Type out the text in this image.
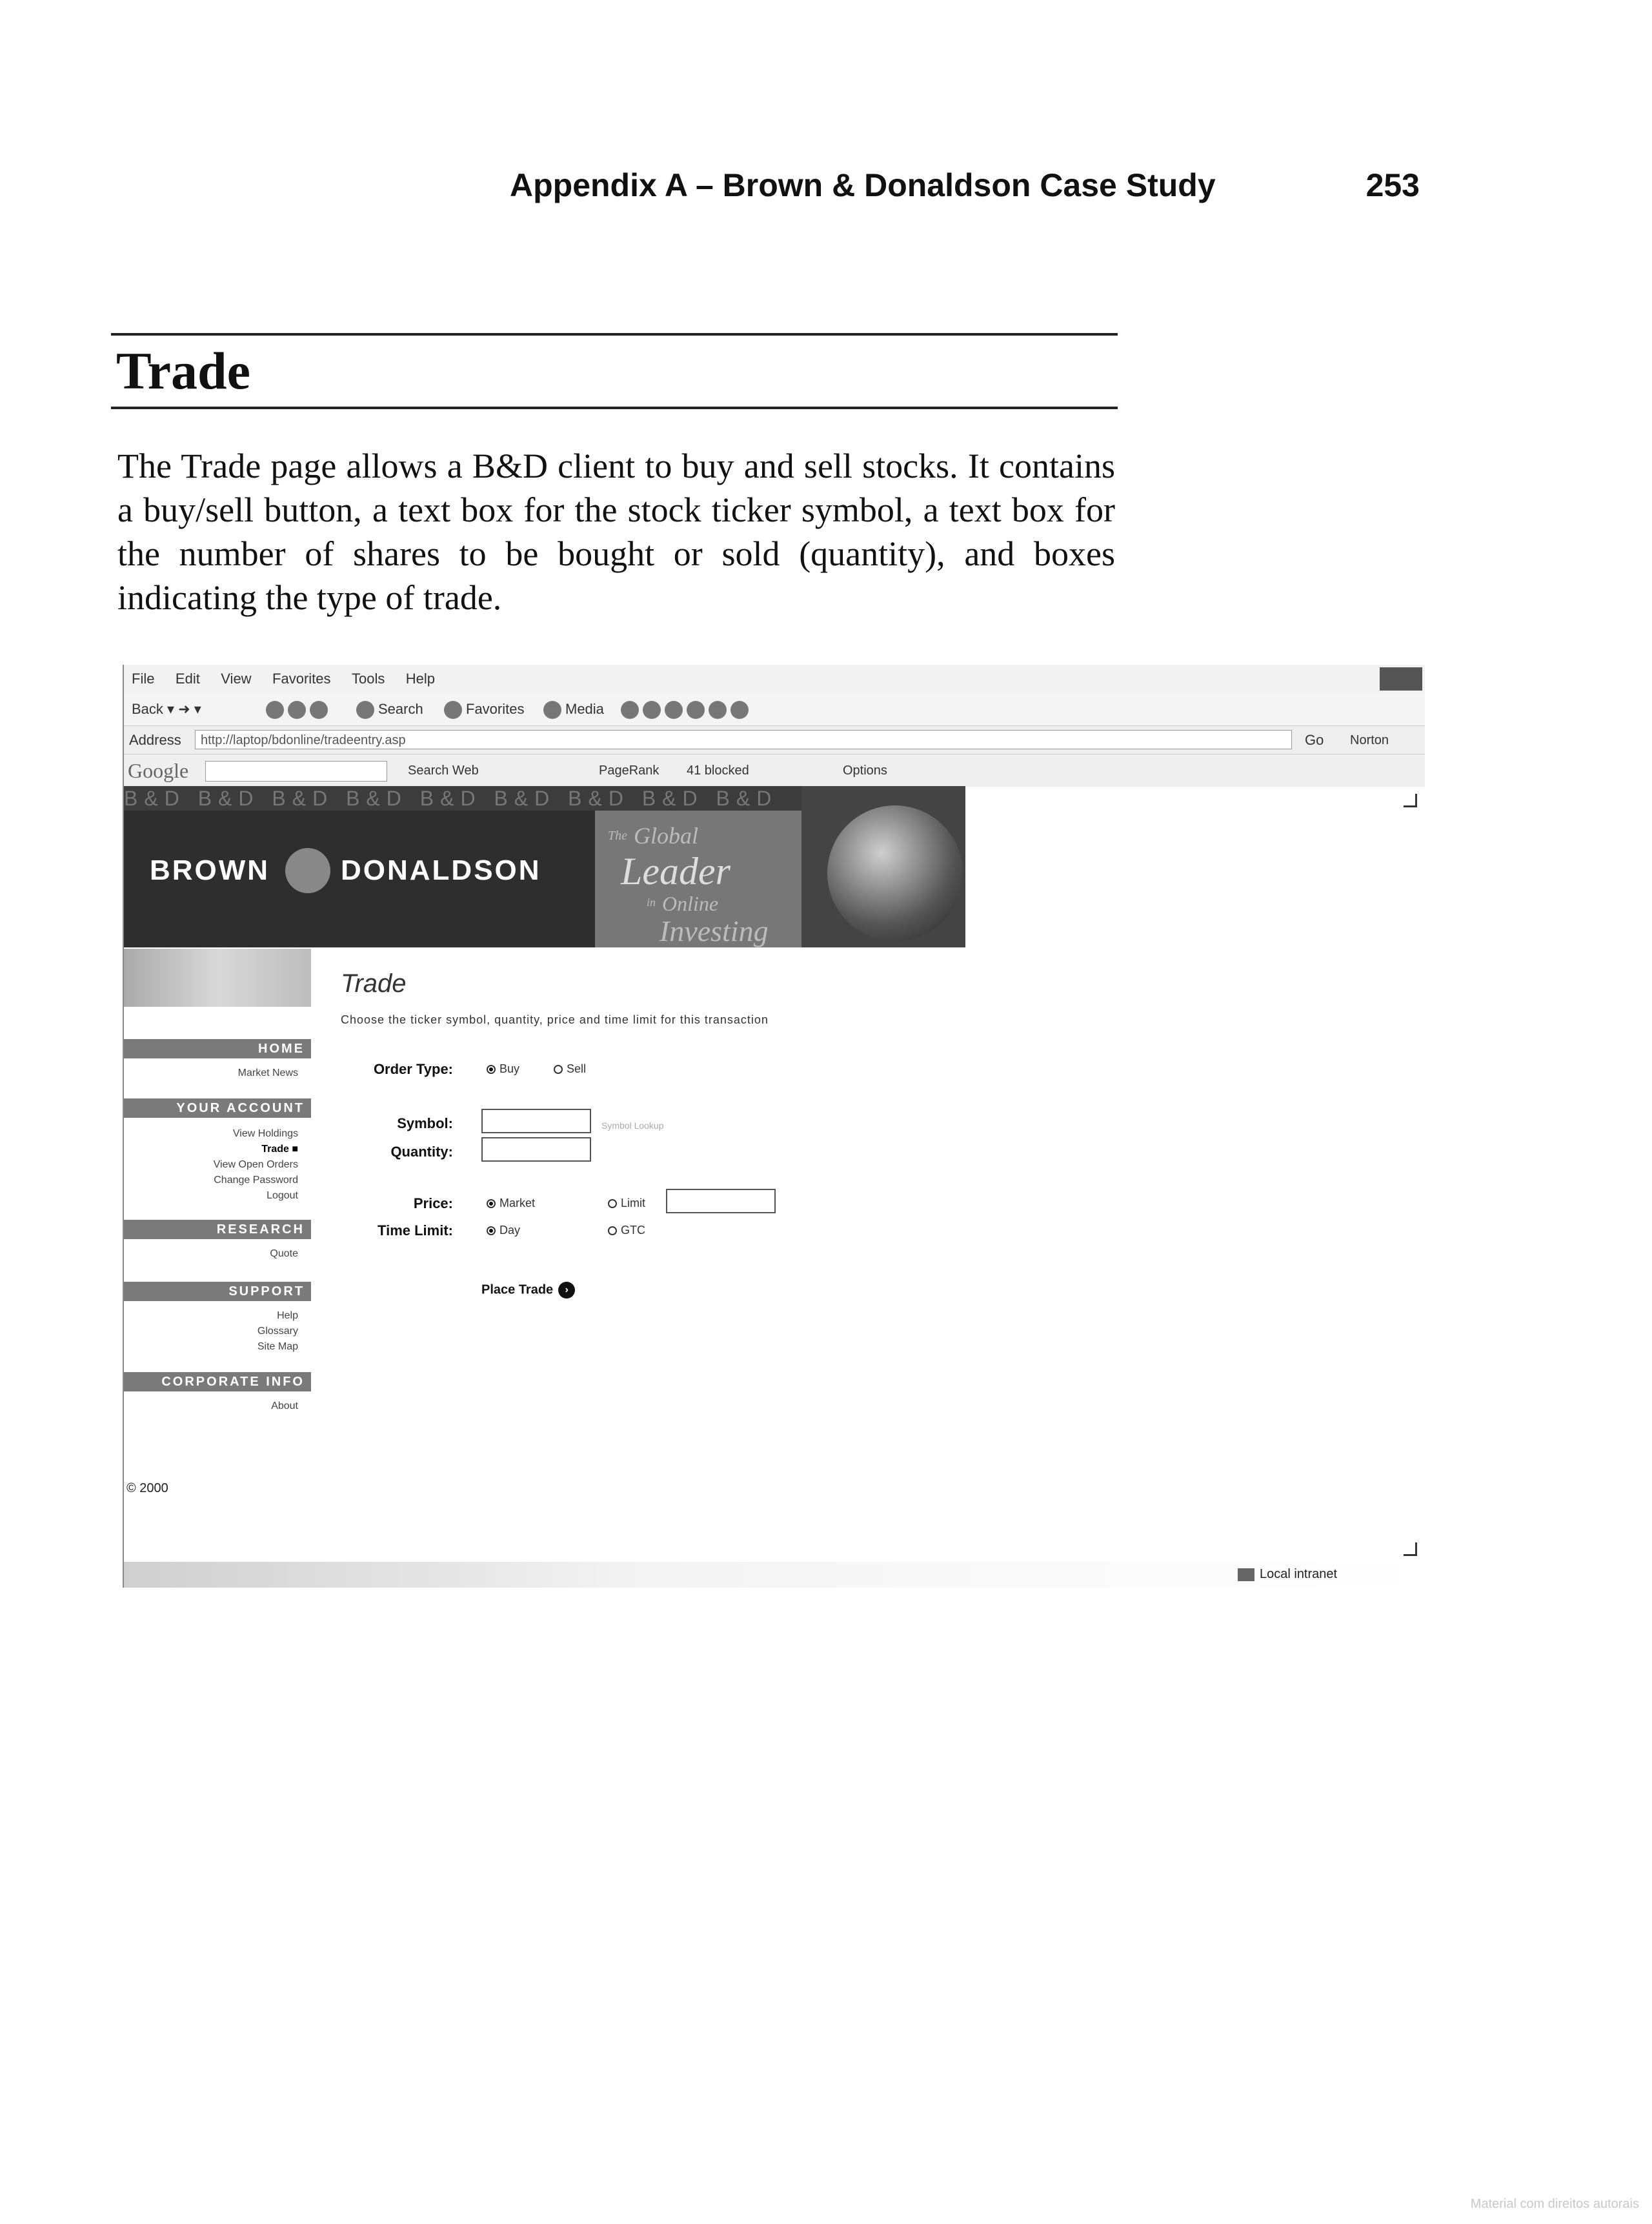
Appendix A – Brown & Donaldson Case Study	253
Trade
The Trade page allows a B&D client to buy and sell stocks. It contains a buy/sell button, a text box for the stock ticker symbol, a text box for the number of shares to be bought or sold (quantity), and boxes indicating the type of trade.
File Edit View Favorites Tools Help
Back ▾ ➜ ▾	Search	Favorites	Media
Address	http://laptop/bdonline/tradeentry.asp	Go Norton
Google	Search Web	PageRank 41 blocked	Options
B&D B&D B&D B&D B&D B&D B&D B&D B&D
BROWN DONALDSON
The Global
Leader
in Online
Investing
HOME
Market News
YOUR ACCOUNT
View Holdings
Trade ■
View Open Orders
Change Password
Logout
RESEARCH
Quote
SUPPORT
Help
Glossary
Site Map
CORPORATE INFO
About
© 2000
Trade
Choose the ticker symbol, quantity, price and time limit for this transaction
Order Type:	Buy	Sell
Symbol:	Symbol Lookup
Quantity:
Price:	Market	Limit
Time Limit:	Day	GTC
Place Trade ›
Local intranet
Material com direitos autorais
